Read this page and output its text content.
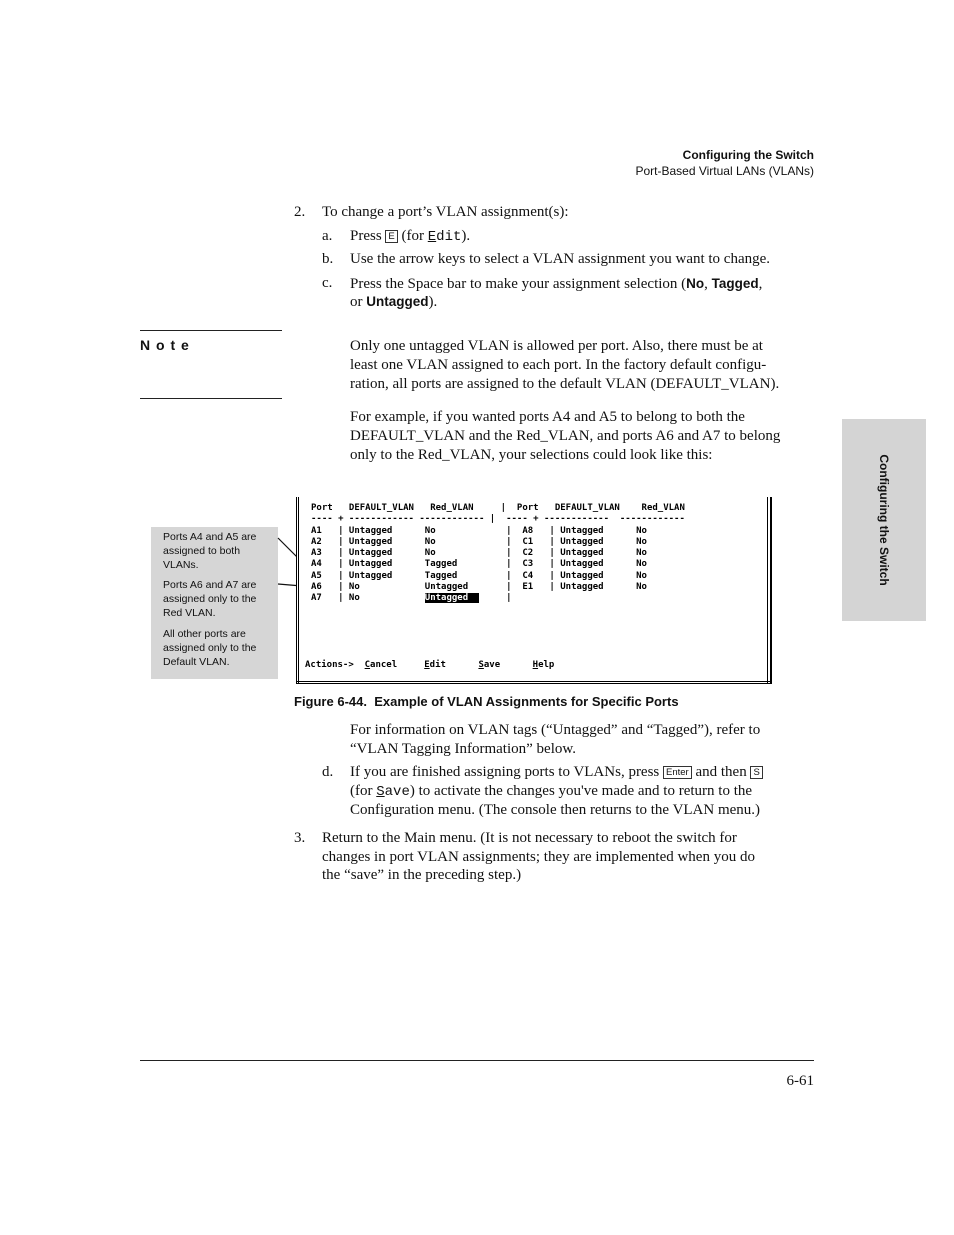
Configuring the Switch
Port-Based Virtual LANs (VLANs)
Configuring the Switch
2. To change a port’s VLAN assignment(s):
a. Press E (for Edit).
b. Use the arrow keys to select a VLAN assignment you want to change.
c. Press the Space bar to make your assignment selection (No, Tagged,
or Untagged).
N o t e	Only one untagged VLAN is allowed per port. Also, there must be at
least one VLAN assigned to each port. In the factory default configu-
ration, all ports are assigned to the default VLAN (DEFAULT_VLAN).
For example, if you wanted ports A4 and A5 to belong to both the
DEFAULT_VLAN and the Red_VLAN, and ports A6 and A7 to belong
only to the Red_VLAN, your selections could look like this:

Ports A4 and A5 are
assigned to both
VLANs.

Ports A6 and A7 are
assigned only to the
Red VLAN.

All other ports are
assigned only to the
Default VLAN.

Port   DEFAULT_VLAN   Red_VLAN     |  Port   DEFAULT_VLAN    Red_VLAN
---- + ------------ ------------ |  ---- + ------------  ------------
A1   | Untagged      No             |  A8   | Untagged      No
A2   | Untagged      No             |  C1   | Untagged      No
A3   | Untagged      No             |  C2   | Untagged      No
A4   | Untagged      Tagged         |  C3   | Untagged      No
A5   | Untagged      Tagged         |  C4   | Untagged      No
A6   | No            Untagged       |  E1   | Untagged      No
A7   | No            Untagged       |
Actions-> Cancel	Edit	Save	Help
Figure 6-44.  Example of VLAN Assignments for Specific Ports
For information on VLAN tags (“Untagged” and “Tagged”), refer to
“VLAN Tagging Information” below.
d. If you are finished assigning ports to VLANs, press Enter and then S
(for Save) to activate the changes you've made and to return to the
Configuration menu. (The console then returns to the VLAN menu.)
3. Return to the Main menu. (It is not necessary to reboot the switch for
changes in port VLAN assignments; they are implemented when you do
the “save” in the preceding step.)
6-61
